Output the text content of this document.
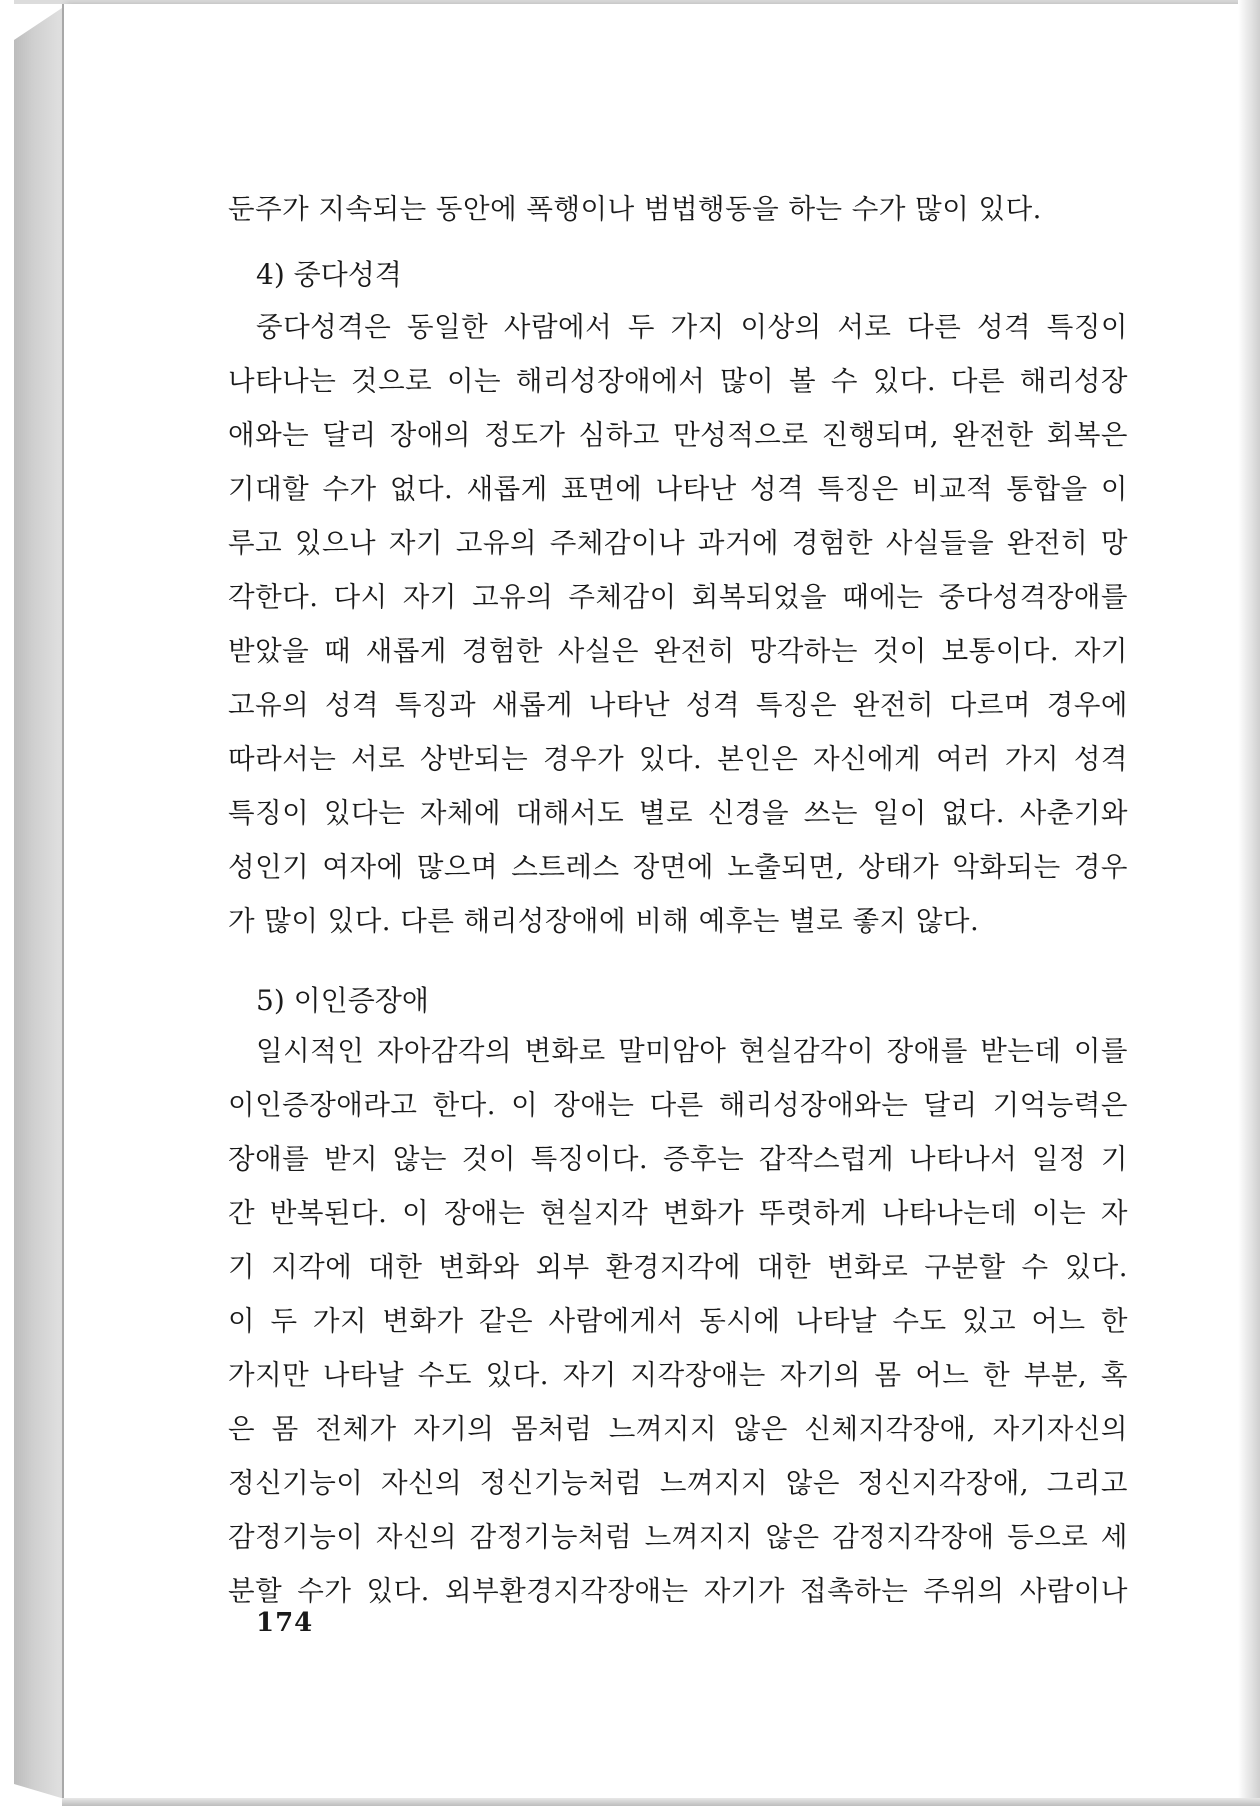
둔주가 지속되는 동안에 폭행이나 범법행동을 하는 수가 많이 있다.
4) 중다성격
중다성격은 동일한 사람에서 두 가지 이상의 서로 다른 성격 특징이
나타나는 것으로 이는 해리성장애에서 많이 볼 수 있다. 다른 해리성장
애와는 달리 장애의 정도가 심하고 만성적으로 진행되며, 완전한 회복은
기대할 수가 없다. 새롭게 표면에 나타난 성격 특징은 비교적 통합을 이
루고 있으나 자기 고유의 주체감이나 과거에 경험한 사실들을 완전히 망
각한다. 다시 자기 고유의 주체감이 회복되었을 때에는 중다성격장애를
받았을 때 새롭게 경험한 사실은 완전히 망각하는 것이 보통이다. 자기
고유의 성격 특징과 새롭게 나타난 성격 특징은 완전히 다르며 경우에
따라서는 서로 상반되는 경우가 있다. 본인은 자신에게 여러 가지 성격
특징이 있다는 자체에 대해서도 별로 신경을 쓰는 일이 없다. 사춘기와
성인기 여자에 많으며 스트레스 장면에 노출되면, 상태가 악화되는 경우
가 많이 있다. 다른 해리성장애에 비해 예후는 별로 좋지 않다.
5) 이인증장애
일시적인 자아감각의 변화로 말미암아 현실감각이 장애를 받는데 이를
이인증장애라고 한다. 이 장애는 다른 해리성장애와는 달리 기억능력은
장애를 받지 않는 것이 특징이다. 증후는 갑작스럽게 나타나서 일정 기
간 반복된다. 이 장애는 현실지각 변화가 뚜렷하게 나타나는데 이는 자
기 지각에 대한 변화와 외부 환경지각에 대한 변화로 구분할 수 있다.
이 두 가지 변화가 같은 사람에게서 동시에 나타날 수도 있고 어느 한
가지만 나타날 수도 있다. 자기 지각장애는 자기의 몸 어느 한 부분, 혹
은 몸 전체가 자기의 몸처럼 느껴지지 않은 신체지각장애, 자기자신의
정신기능이 자신의 정신기능처럼 느껴지지 않은 정신지각장애, 그리고
감정기능이 자신의 감정기능처럼 느껴지지 않은 감정지각장애 등으로 세
분할 수가 있다. 외부환경지각장애는 자기가 접촉하는 주위의 사람이나
174
